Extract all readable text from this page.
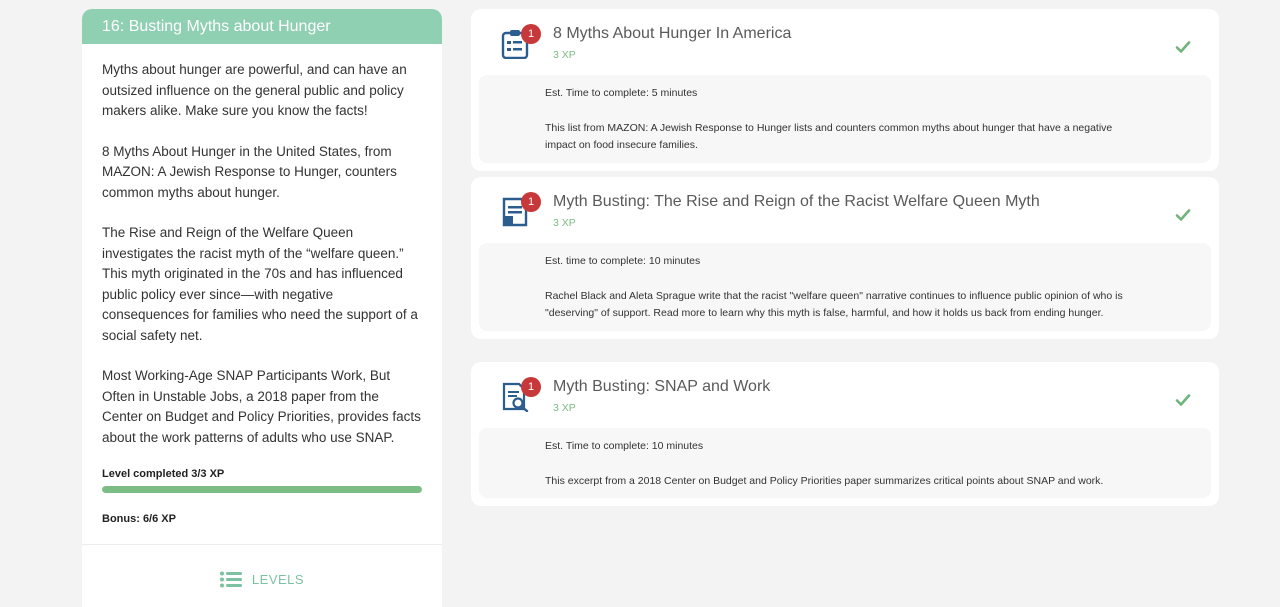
16: Busting Myths about Hunger

Myths about hunger are powerful, and can have an outsized influence on the general public and policy makers alike. Make sure you know the facts!

8 Myths About Hunger in the United States, from MAZON: A Jewish Response to Hunger, counters common myths about hunger.

The Rise and Reign of the Welfare Queen investigates the racist myth of the “welfare queen.” This myth originated in the 70s and has influenced public policy ever since—with negative consequences for families who need the support of a social safety net.

Most Working-Age SNAP Participants Work, But Often in Unstable Jobs, a 2018 paper from the Center on Budget and Policy Priorities, provides facts about the work patterns of adults who use SNAP.

Level completed 3/3 XP
Bonus: 6/6 XP
LEVELS
1	8 Myths About Hunger In America
3 XP
Est. Time to complete: 5 minutes
This list from MAZON: A Jewish Response to Hunger lists and counters common myths about hunger that have a negative impact on food insecure families.
1	Myth Busting: The Rise and Reign of the Racist Welfare Queen Myth
3 XP
Est. time to complete: 10 minutes
Rachel Black and Aleta Sprague write that the racist "welfare queen" narrative continues to influence public opinion of who is "deserving" of support. Read more to learn why this myth is false, harmful, and how it holds us back from ending hunger.
1	Myth Busting: SNAP and Work
3 XP
Est. Time to complete: 10 minutes
This excerpt from a 2018 Center on Budget and Policy Priorities paper summarizes critical points about SNAP and work.
